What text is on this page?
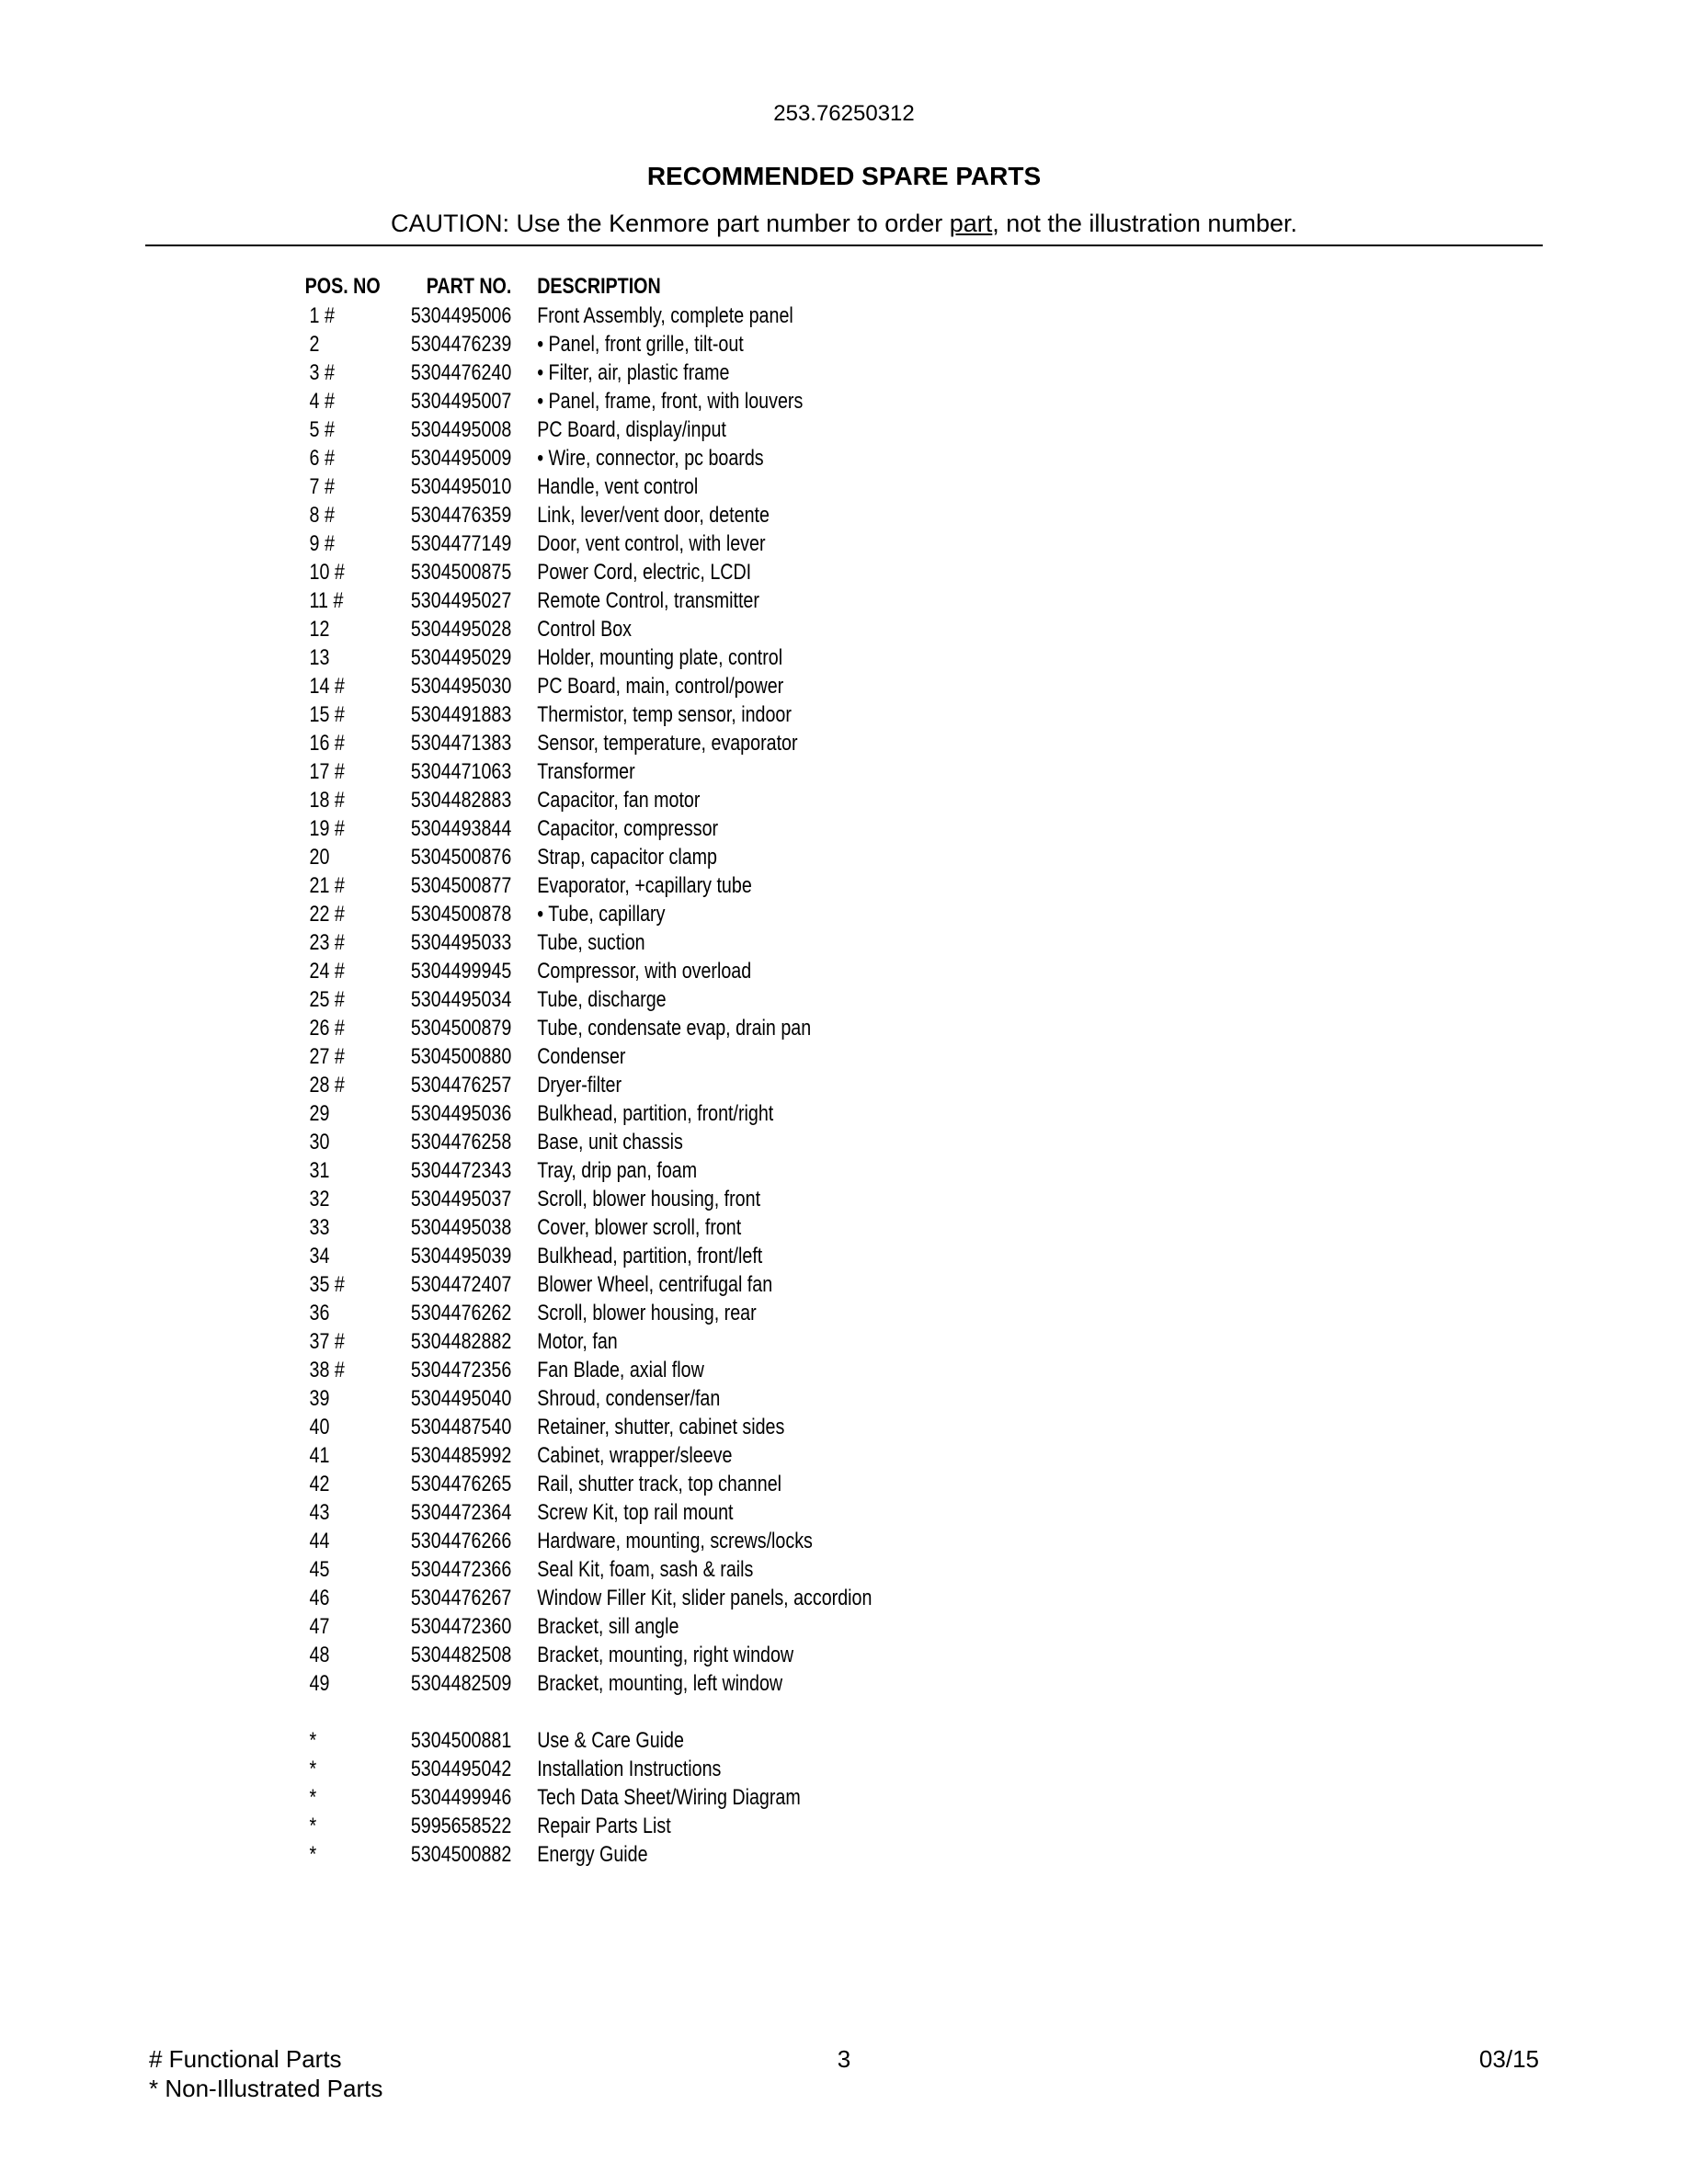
253.76250312
RECOMMENDED SPARE PARTS
CAUTION: Use the Kenmore part number to order part, not the illustration number.
POS. NO	PART NO. DESCRIPTION
1 #	5304495006 Front Assembly, complete panel
2	5304476239 • Panel, front grille, tilt-out
3 #	5304476240 • Filter, air, plastic frame
4 #	5304495007 • Panel, frame, front, with louvers
5 #	5304495008 PC Board, display/input
6 #	5304495009 • Wire, connector, pc boards
7 #	5304495010 Handle, vent control
8 #	5304476359 Link, lever/vent door, detente
9 #	5304477149 Door, vent control, with lever
10 #	5304500875 Power Cord, electric, LCDI
11 #	5304495027 Remote Control, transmitter
12	5304495028 Control Box
13	5304495029 Holder, mounting plate, control
14 #	5304495030 PC Board, main, control/power
15 #	5304491883 Thermistor, temp sensor, indoor
16 #	5304471383 Sensor, temperature, evaporator
17 #	5304471063 Transformer
18 #	5304482883 Capacitor, fan motor
19 #	5304493844 Capacitor, compressor
20	5304500876 Strap, capacitor clamp
21 #	5304500877 Evaporator, +capillary tube
22 #	5304500878 • Tube, capillary
23 #	5304495033 Tube, suction
24 #	5304499945 Compressor, with overload
25 #	5304495034 Tube, discharge
26 #	5304500879 Tube, condensate evap, drain pan
27 #	5304500880 Condenser
28 #	5304476257 Dryer-filter
29	5304495036 Bulkhead, partition, front/right
30	5304476258 Base, unit chassis
31	5304472343 Tray, drip pan, foam
32	5304495037 Scroll, blower housing, front
33	5304495038 Cover, blower scroll, front
34	5304495039 Bulkhead, partition, front/left
35 #	5304472407 Blower Wheel, centrifugal fan
36	5304476262 Scroll, blower housing, rear
37 #	5304482882 Motor, fan
38 #	5304472356 Fan Blade, axial flow
39	5304495040 Shroud, condenser/fan
40	5304487540 Retainer, shutter, cabinet sides
41	5304485992 Cabinet, wrapper/sleeve
42	5304476265 Rail, shutter track, top channel
43	5304472364 Screw Kit, top rail mount
44	5304476266 Hardware, mounting, screws/locks
45	5304472366 Seal Kit, foam, sash & rails
46	5304476267 Window Filler Kit, slider panels, accordion
47	5304472360 Bracket, sill angle
48	5304482508 Bracket, mounting, right window
49	5304482509 Bracket, mounting, left window
*	5304500881 Use & Care Guide
*	5304495042 Installation Instructions
*	5304499946 Tech Data Sheet/Wiring Diagram
*	5995658522 Repair Parts List
*	5304500882 Energy Guide
# Functional Parts
* Non-Illustrated Parts
3	03/15
